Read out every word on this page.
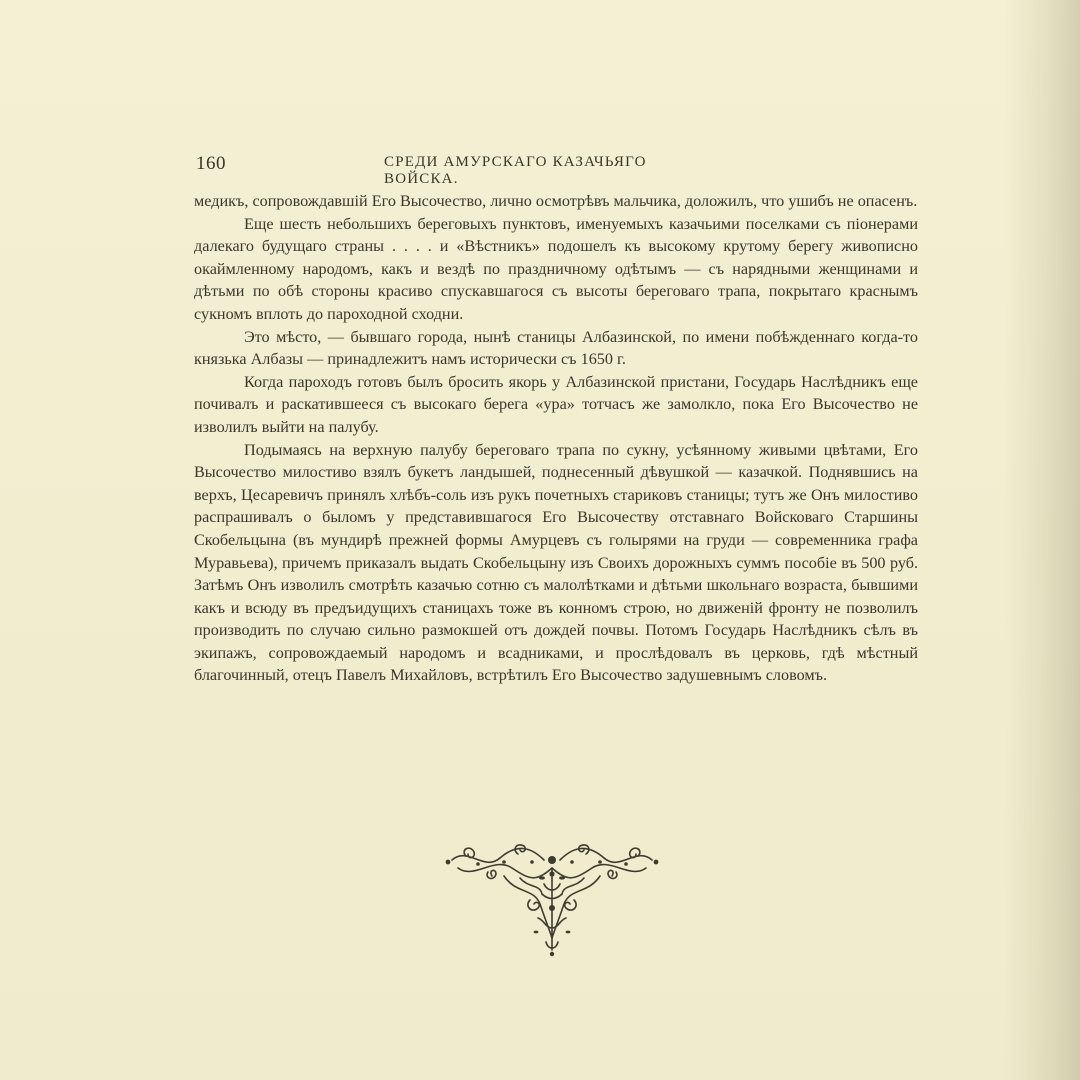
160	СРЕДИ АМУРСКАГО КАЗАЧЬЯГО ВОЙСКА.

медикъ, сопровождавшій Его Высочество, лично осмотрѣвъ мальчика, доложилъ, что ушибъ не опасенъ.

Еще шесть небольшихъ береговыхъ пунктовъ, именуемыхъ казачьими поселками съ піонерами далекаго будущаго страны . . . . и «Вѣстникъ» подошелъ къ высокому крутому берегу живописно окаймленному народомъ, какъ и вездѣ по праздничному одѣтымъ — съ нарядными женщинами и дѣтьми по обѣ стороны красиво спускавшагося съ высоты береговаго трапа, покрытаго краснымъ сукномъ вплоть до пароходной сходни.

Это мѣсто, — бывшаго города, нынѣ станицы Албазинской, по имени побѣжденнаго когда-то князька Албазы — принадлежитъ намъ исторически съ 1650 г.

Когда пароходъ готовъ былъ бросить якорь у Албазинской пристани, Государь Наслѣдникъ еще почивалъ и раскатившееся съ высокаго берега «ура» тотчасъ же замолкло, пока Его Высочество не изволилъ выйти на палубу.

Подымаясь на верхную палубу береговаго трапа по сукну, усѣянному живыми цвѣтами, Его Высочество милостиво взялъ букетъ ландышей, поднесенный дѣвушкой — казачкой. Поднявшись на верхъ, Цесаревичъ принялъ хлѣбъ-соль изъ рукъ почетныхъ стариковъ станицы; тутъ же Онъ милостиво распрашивалъ о быломъ у представившагося Его Высочеству отставнаго Войсковаго Старшины Скобельцына (въ мундирѣ прежней формы Амурцевъ съ голырями на груди — современника графа Муравьева), причемъ приказалъ выдать Скобельцыну изъ Своихъ дорожныхъ суммъ пособіе въ 500 руб. Затѣмъ Онъ изволилъ смотрѣть казачью сотню съ малолѣтками и дѣтьми школьнаго возраста, бывшими какъ и всюду въ предъидущихъ станицахъ тоже въ конномъ строю, но движеній фронту не позволилъ производить по случаю сильно размокшей отъ дождей почвы. Потомъ Государь Наслѣдникъ сѣлъ въ экипажъ, сопровождаемый народомъ и всадниками, и прослѣдовалъ въ церковь, гдѣ мѣстный благочинный, отецъ Павелъ Михайловъ, встрѣтилъ Его Высочество задушевнымъ словомъ.
